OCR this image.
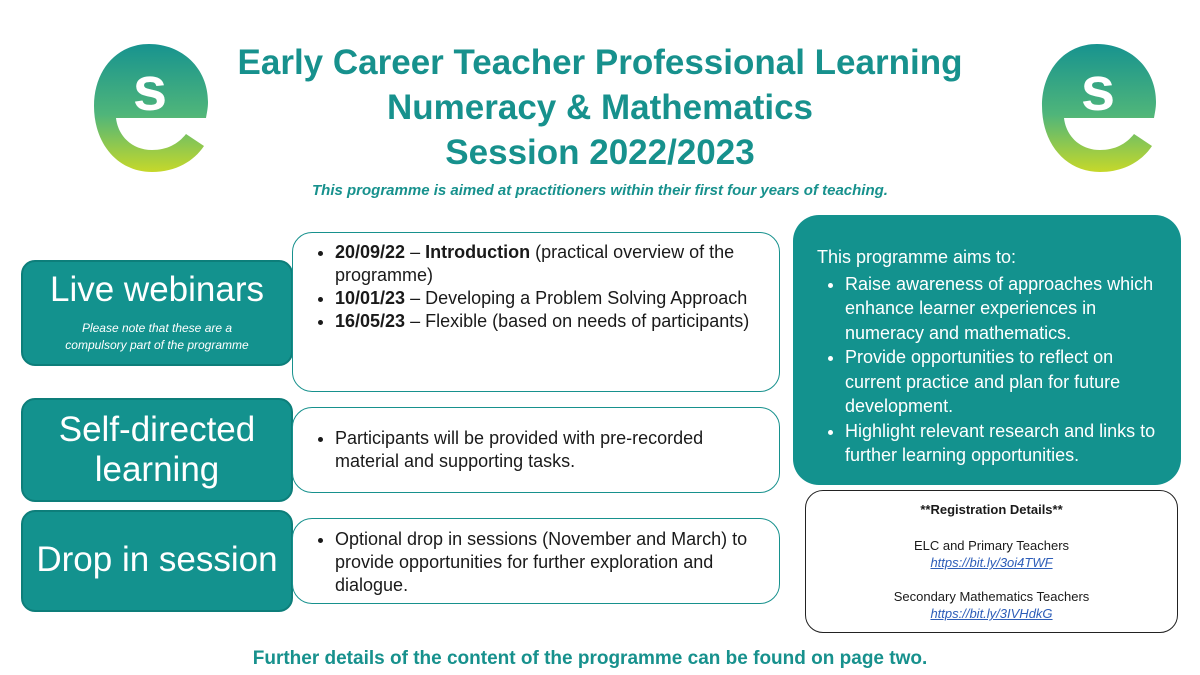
s	s
Early Career Teacher Professional Learning
Numeracy & Mathematics
Session 2022/2023
This programme is aimed at practitioners within their first four years of teaching.
Live webinars
Please note that these are a
compulsory part of the programme
• 20/09/22 – Introduction (practical overview of the programme)
• 10/01/23 – Developing a Problem Solving Approach
• 16/05/23 – Flexible (based on needs of participants)
Self-directed
learning
• Participants will be provided with pre-recorded material and supporting tasks.
Drop in session
• Optional drop in sessions (November and March) to provide opportunities for further exploration and dialogue.
This programme aims to:
• Raise awareness of approaches which enhance learner experiences in numeracy and mathematics.
• Provide opportunities to reflect on current practice and plan for future development.
• Highlight relevant research and links to further learning opportunities.
**Registration Details**
ELC and Primary Teachers
https://bit.ly/3oi4TWF
Secondary Mathematics Teachers
https://bit.ly/3IVHdkG
Further details of the content of the programme can be found on page two.
